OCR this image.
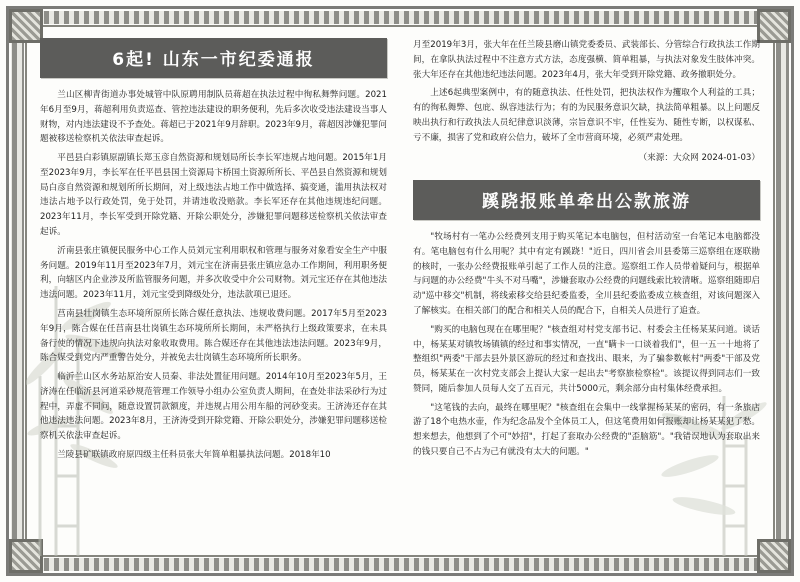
6起! 山东一市纪委通报

兰山区柳青街道办事处城管中队原聘用制队员蒋超在执法过程中徇私舞弊问题。2021年6月至9月，蒋超利用负责巡查、管控违法建设的职务便利，先后多次收受违法建设当事人财物，对内违法建设不予查处。蒋超已于2021年9月辞职。2023年9月，蒋超因涉嫌犯罪问题被移送检察机关依法审查起诉。

平邑县白彩镇原副镇长郑玉彦自然资源和规划局所长李长军违规占地问题。2015年1月至2023年9月，李长军在任平邑县国土资源局卞桥国土资源所所长、平邑县自然资源和规划局白彦自然资源和规划所所长期间，对上级违法占地工作中做选择、搞变通，滥用执法权对违法占地予以行政处罚，免于处罚，并请违收没赔款。李长军还存在其他违规违纪问题。2023年11月，李长军受到开除党籍、开除公职处分，涉嫌犯罪问题移送检察机关依法审查起诉。

沂南县张庄镇便民服务中心工作人员刘元宝利用职权和管理与服务对象看安全生产中服务问题。2019年11月至2023年7月，刘元宝在济南县张庄镇应急办工作期间，利用职务便利，向辖区内企业涉及所监管服务问题，并多次收受中介公司财物。刘元宝还存在其他违法违法问题。2023年11月，刘元宝受到降级处分，违法款项已退还。

莒南县壮岗镇生态环境所原所长陈合媒任意执法、违规收费问题。2017年5月至2023年9月，陈合媒在任莒南县壮岗镇生态环境所所长期间，未严格执行上级政策要求，在未具备行使的情况下违规向执法对象收取费用。陈合媒还存在其他违法违法问题。2023年9月，陈合媒受到党内严重警告处分，并被免去壮岗镇生态环境所所长职务。

临沂兰山区水务站原治安人员秦、非法处置征用问题。2014年10月至2023年5月，王济涛在任临沂县河道采砂规范管理工作领导小组办公室负责人期间，在查处非法采砂行为过程中，弄虚不同问，随意设置罚款额度，并违规占用公用车船的河砂变卖。王济涛还存在其他违法违法问题。2023年8月，王济涛受到开除党籍、开除公职处分，涉嫌犯罪问题移送检察机关依法审查起诉。

兰陵县矿联镇政府原四级主任科员张大年简单粗暴执法问题。2018年10

月至2019年3月，张大年在任兰陵县磨山镇党委委员、武装部长、分管综合行政执法工作期间，在拿队执法过程中不注意方式方法，态度强横、简单粗暴，与执法对象发生肢体冲突。张大年还存在其他违纪违法问题。2023年4月，张大年受到开除党籍、政务撤职处分。

上述6起典型案例中，有的随意执法、任性处罚，把执法权作为攫取个人利益的工具；有的徇私舞弊、包庇、纵容违法行为；有的为民服务意识欠缺，执法简单粗暴。以上问题反映出执行和行政执法人员纪律意识淡薄，宗旨意识不牢，任性妄为、随性专断，以权谋私、亏不廉，损害了党和政府公信力，破坏了全市营商环境，必须严肃处理。

（来源：大众网 2024-01-03）

蹊跷报账单牵出公款旅游

"牧场村有一笔办公经费列支用于购买笔记本电脑包，但村活动室一台笔记本电脑都没有。笔电脑包有什么用呢？其中有定有蹊跷！"近日，四川省会川县委第三巡察组在逐联勘的核时，一张办公经费报账单引起了工作人员的注意。巡察组工作人员带着疑问与，根据单与问题的办公经费"牛头不对马嘴"，涉嫌套取办公经费的问题线索比较清晰。巡察组随即启动"巡中移交"机制，将线索移交给县纪委监委，全川县纪委监委成立核查组，对该问题深入了解核实。在相关部门的配合和相关人员的配合下，自相关人员进行了追查。

"购买的电脑包现在在哪里呢？"核查组对村党支部书记、村委会主任杨某某问道。谈话中，杨某某对镇牧场镇镇的经过和事实情况，一直"瞒卡一口谈着我们"，但一五一十地将了整组织"两委"干部去县外景区游玩的经过和查找出、眼来，为了骗参数帐村"两委"干部及党员，杨某某在一次村党支部会上提认大家一起出去"考察旅检察检"。该提议得到同志们一致赞同，随后参加人员每人交了五百元，共计5000元，剩余部分由村集体经费承担。

"这笔钱的去向，最终在哪里呢？"核查组在会集中一线掌握杨某某的密码，有一条旅店游了18个电热水壶，作为纪念品发个全体员工人，但这笔费用如何报账却让杨某某犯了愁。想来想去，他想到了个可"妙招"，打起了套取办公经费的"歪脑筋"。"我错误地认为套取出来的钱只要自己不占为己有就没有太大的问题。"
